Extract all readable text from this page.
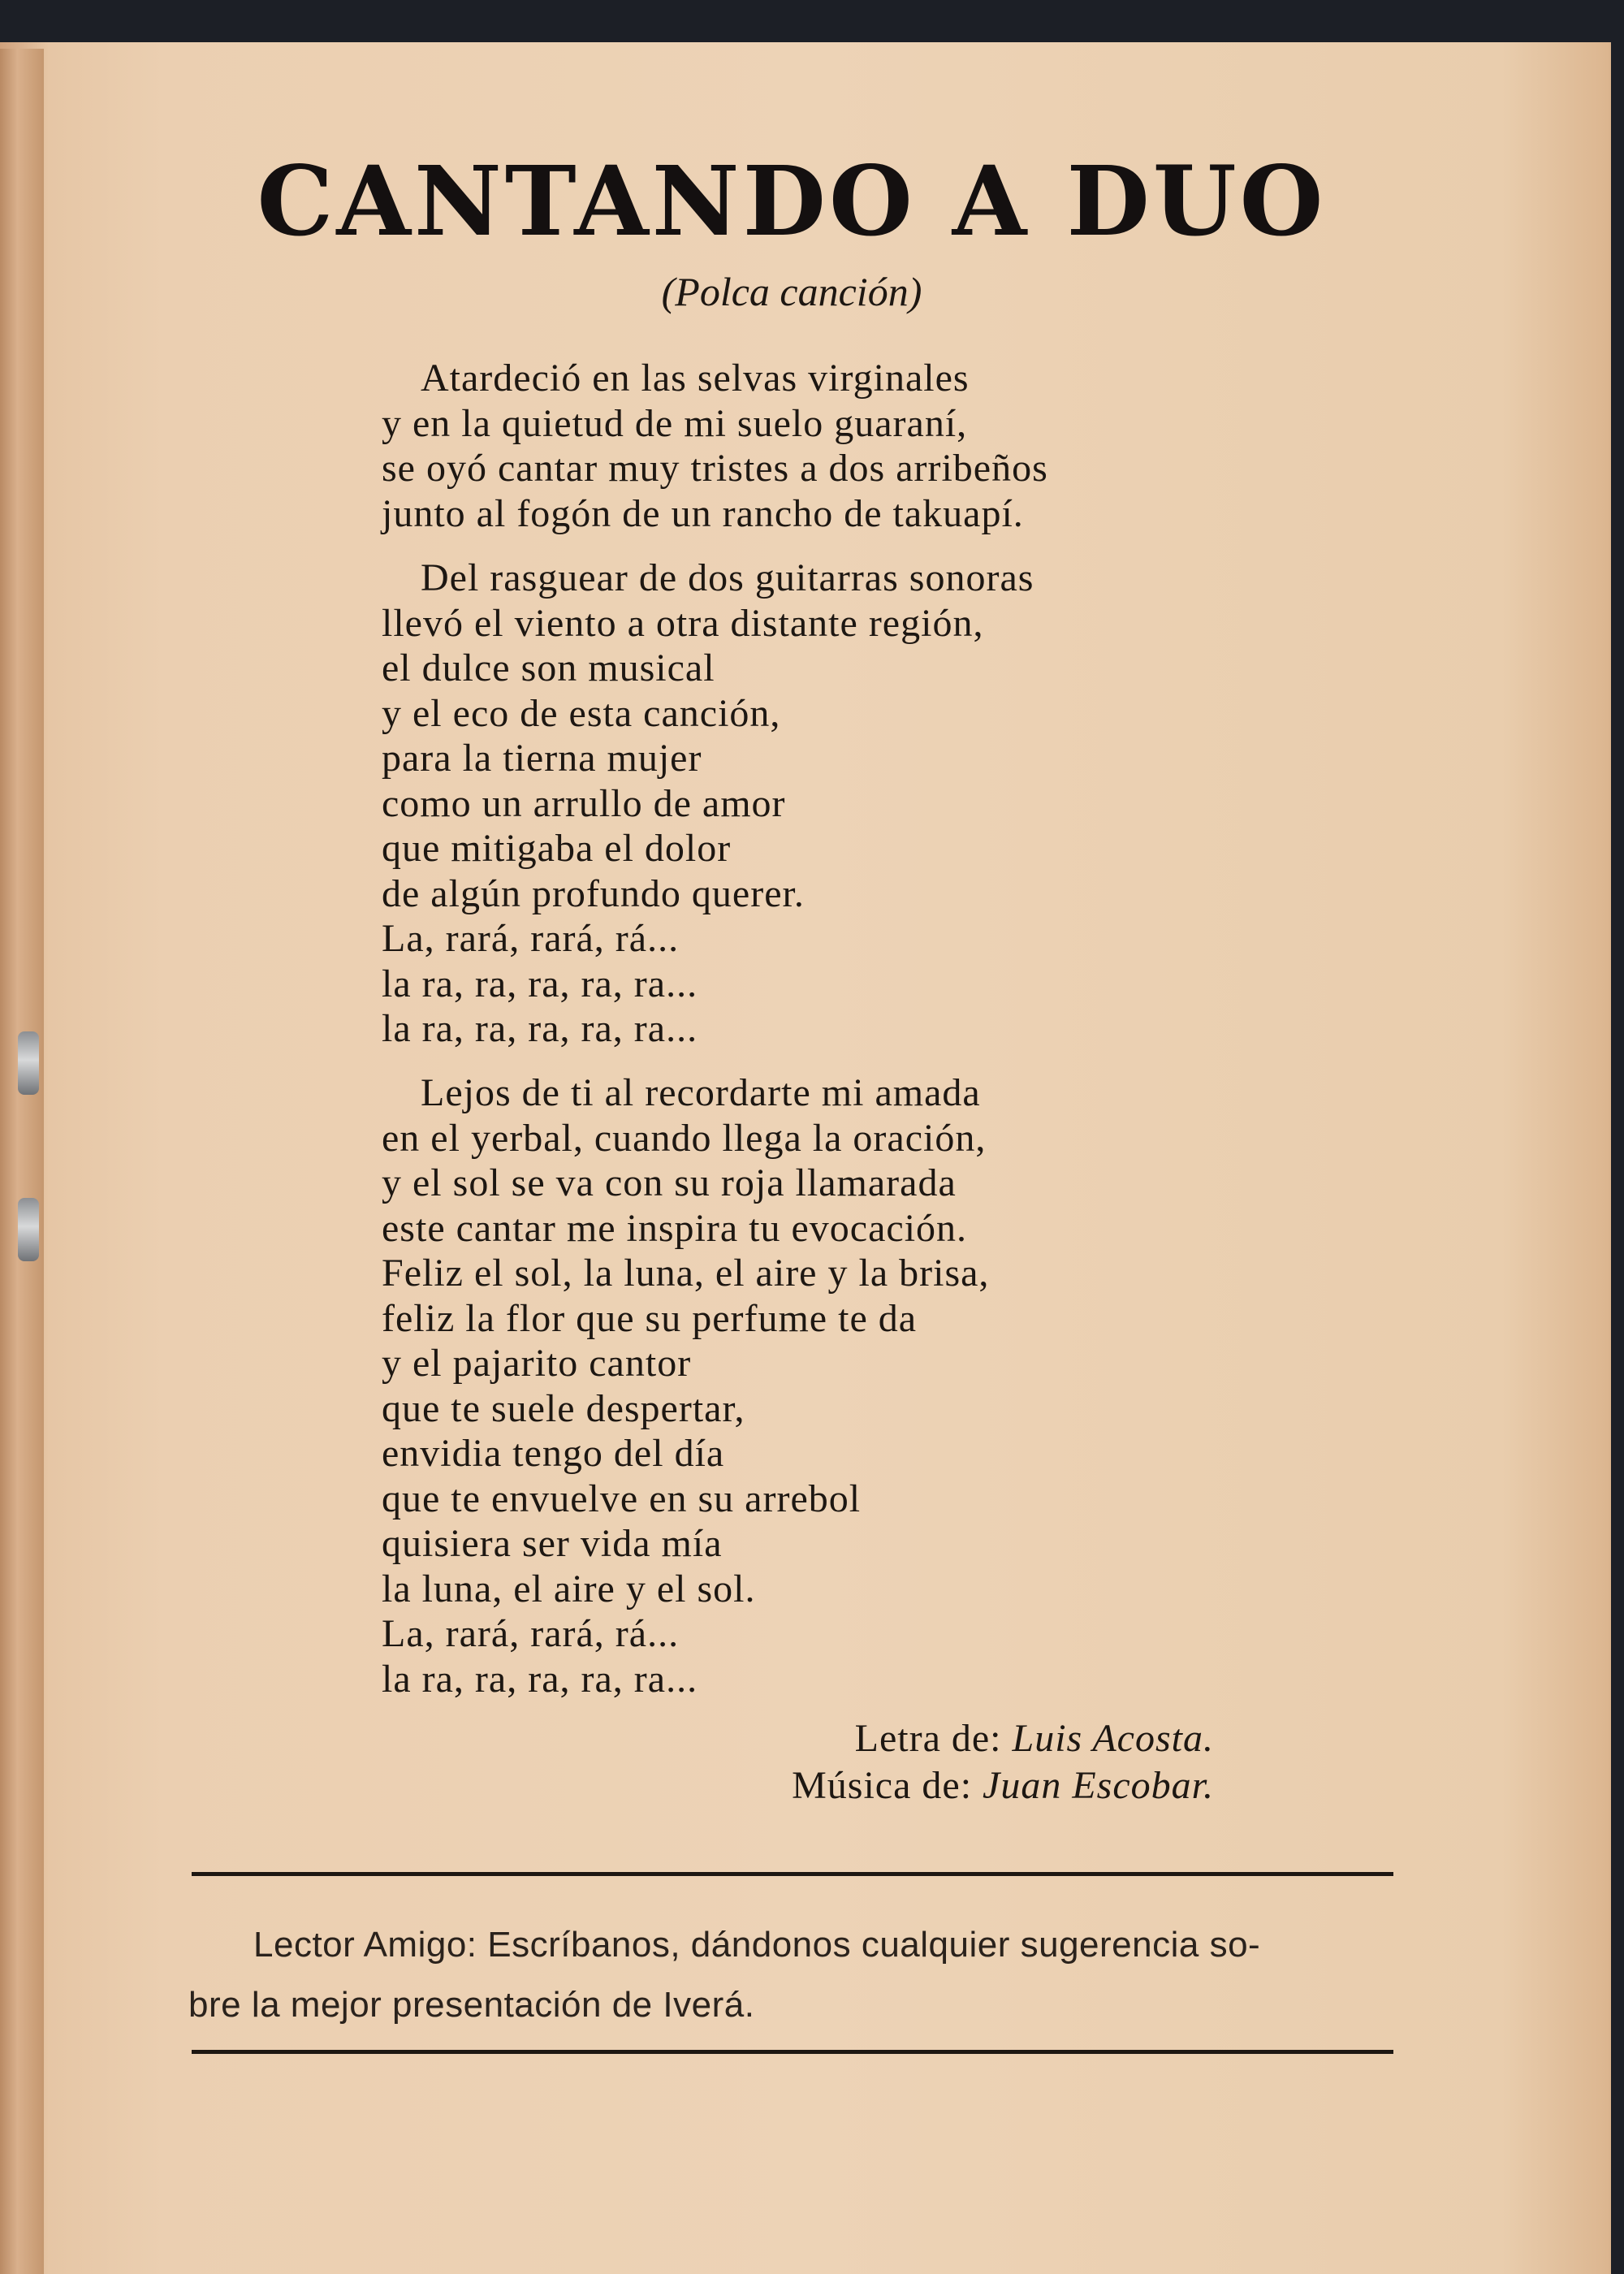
CANTANDO A DUO
(Polca canción)
Atardeció en las selvas virginales
y en la quietud de mi suelo guaraní,
se oyó cantar muy tristes a dos arribeños
junto al fogón de un rancho de takuapí.
Del rasguear de dos guitarras sonoras
llevó el viento a otra distante región,
el dulce son musical
y el eco de esta canción,
para la tierna mujer
como un arrullo de amor
que mitigaba el dolor
de algún profundo querer.
La, rará, rará, rá...
la ra, ra, ra, ra, ra...
la ra, ra, ra, ra, ra...
Lejos de ti al recordarte mi amada
en el yerbal, cuando llega la oración,
y el sol se va con su roja llamarada
este cantar me inspira tu evocación.
Feliz el sol, la luna, el aire y la brisa,
feliz la flor que su perfume te da
y el pajarito cantor
que te suele despertar,
envidia tengo del día
que te envuelve en su arrebol
quisiera ser vida mía
la luna, el aire y el sol.
La, rará, rará, rá...
la ra, ra, ra, ra, ra...
Letra de: Luis Acosta.
Música de: Juan Escobar.
Lector Amigo: Escríbanos, dándonos cualquier sugerencia so-
bre la mejor presentación de Iverá.
